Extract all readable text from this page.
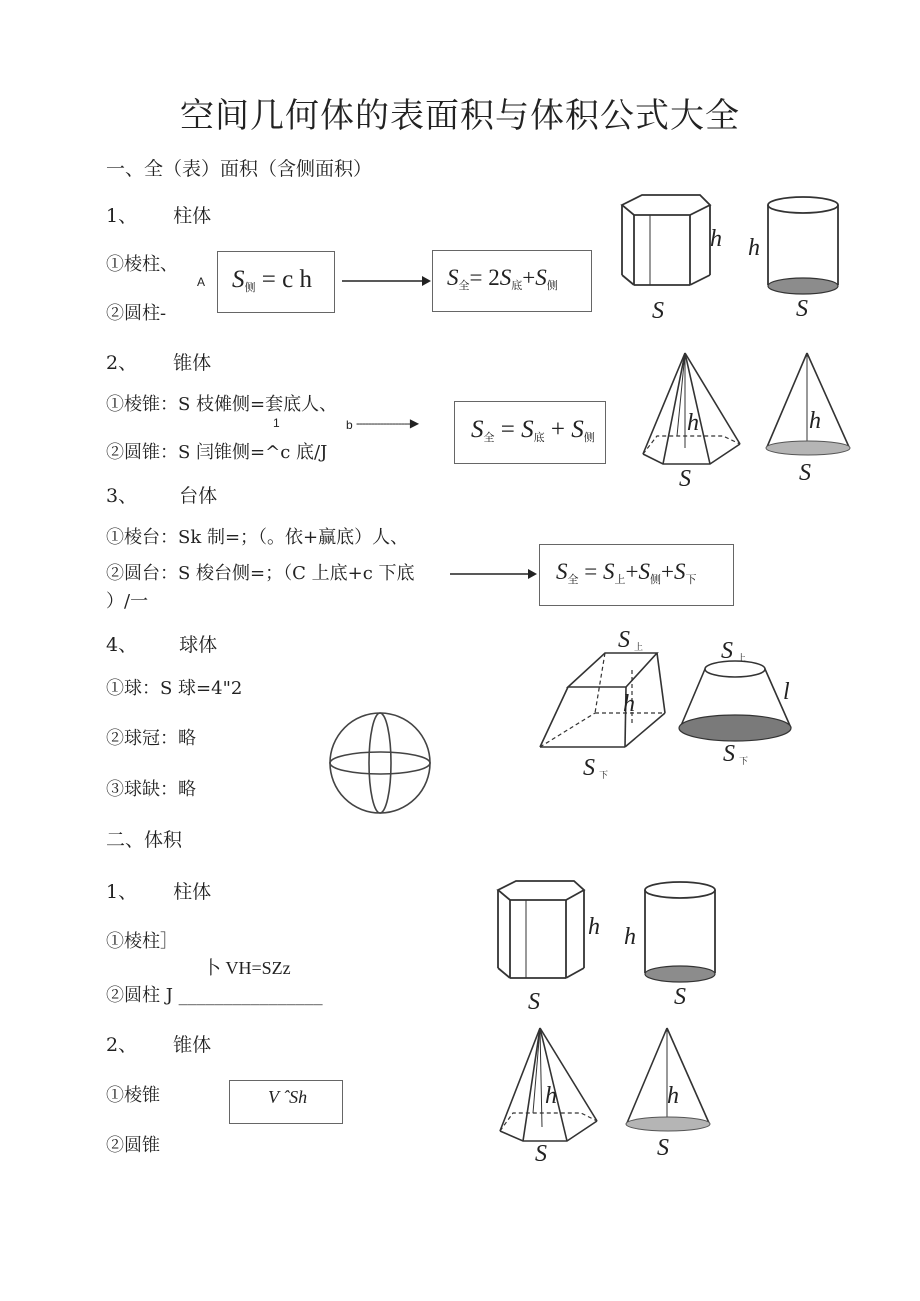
空间几何体的表面积与体积公式大全
一、全（表）面积（含侧面积）
1、 柱体
①棱柱、
②圆柱-
A $S_侧 = c$ h	$S_全= 2S_底+S_侧$
h h
S	S
2、 锥体
①棱锥：S 枝傩侧=套底人、
②圆锥：S 闫锥侧=^c 底/J
1	b ------------------▶ $S_全 = S_底 + S_侧$
h	h
S	S
3、 台体
①棱台：Sk 制=；（。依+赢底）人、
②圆台：S 梭台侧=；（C 上底+c 下底
）/一
$S_全 = S_上+S_侧+S_下$
4、 球体
①球：S 球=4"2
②球冠：略
③球缺：略
S 上
h
S 下
S 上
l
S 下
二、体积
1、 柱体
①棱柱］
卜 VH=SZz
②圆柱 J ________________
h h
S	S
2、 锥体
①棱锥
②圆锥
V ˆSh	h	h
S	S
